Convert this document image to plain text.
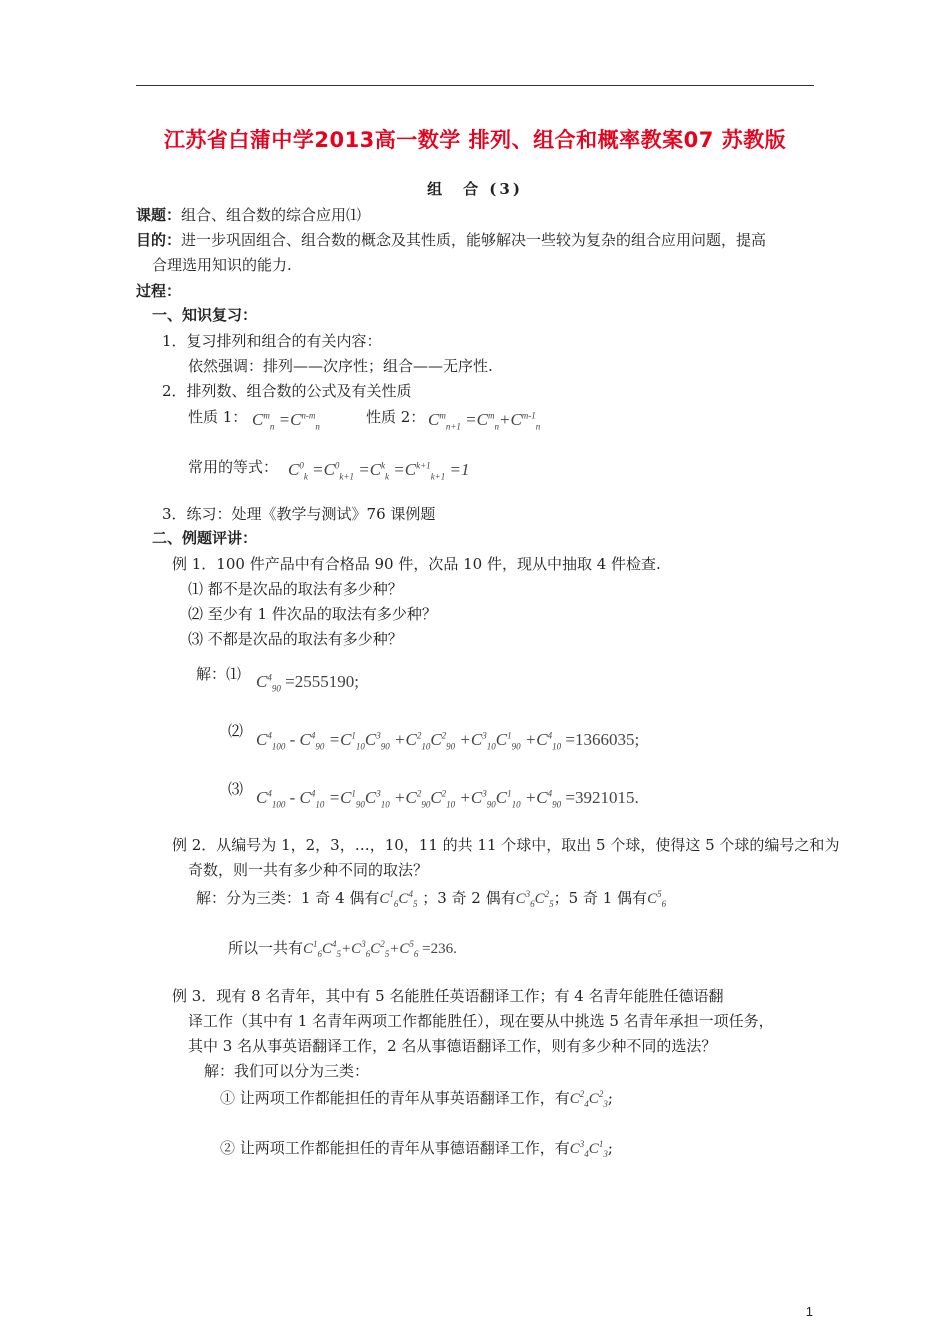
江苏省白蒲中学2013高一数学 排列、组合和概率教案07 苏教版
组　合 (3)
课题：组合、组合数的综合应用⑴
目的：进一步巩固组合、组合数的概念及其性质，能够解决一些较为复杂的组合应用问题，提高
合理选用知识的能力.
过程：
一、知识复习：
1．复习排列和组合的有关内容：
依然强调：排列——次序性；组合——无序性.
2．排列数、组合数的公式及有关性质
性质 1： $C^m_n =C^{n-m}_n$
性质 2： $C^m_{n+1} =C^m_n+C^{m-1}_n$
常用的等式： $C^0_k =C^0_{k+1} =C^k_k =C^{k+1}_{k+1} =1$
3．练习：处理《教学与测试》76 课例题
二、例题评讲：
例 1．100 件产品中有合格品 90 件，次品 10 件，现从中抽取 4 件检查.
⑴ 都不是次品的取法有多少种？
⑵ 至少有 1 件次品的取法有多少种？
⑶ 不都是次品的取法有多少种？
解：⑴ $C^4_{90} =2555190$;
⑵ $C^4_{100} - C^4_{90} =C^1_{10}C^3_{90} +C^2_{10}C^2_{90} +C^3_{10}C^1_{90} +C^4_{10} =1366035$;
⑶ $C^4_{100} - C^4_{10} =C^1_{90}C^3_{10} +C^2_{90}C^2_{10} +C^3_{90}C^1_{10} +C^4_{90} =3921015$.
例 2．从编号为 1，2，3，…，10，11 的共 11 个球中，取出 5 个球，使得这 5 个球的编号之和为
奇数，则一共有多少种不同的取法？
解：分为三类：1 奇 4 偶有$C^1_6C^4_5$ ；3 奇 2 偶有$C^3_6C^2_5$；5 奇 1 偶有$C^5_6$
所以一共有$C^1_6C^4_5+C^3_6C^2_5+C^5_6 =236$.
例 3．现有 8 名青年，其中有 5 名能胜任英语翻译工作；有 4 名青年能胜任德语翻
译工作（其中有 1 名青年两项工作都能胜任），现在要从中挑选 5 名青年承担一项任务，
其中 3 名从事英语翻译工作，2 名从事德语翻译工作，则有多少种不同的选法？
解：我们可以分为三类：
① 让两项工作都能担任的青年从事英语翻译工作，有$C^2_4C^2_3$;
② 让两项工作都能担任的青年从事德语翻译工作，有$C^3_4C^1_3$;
1
